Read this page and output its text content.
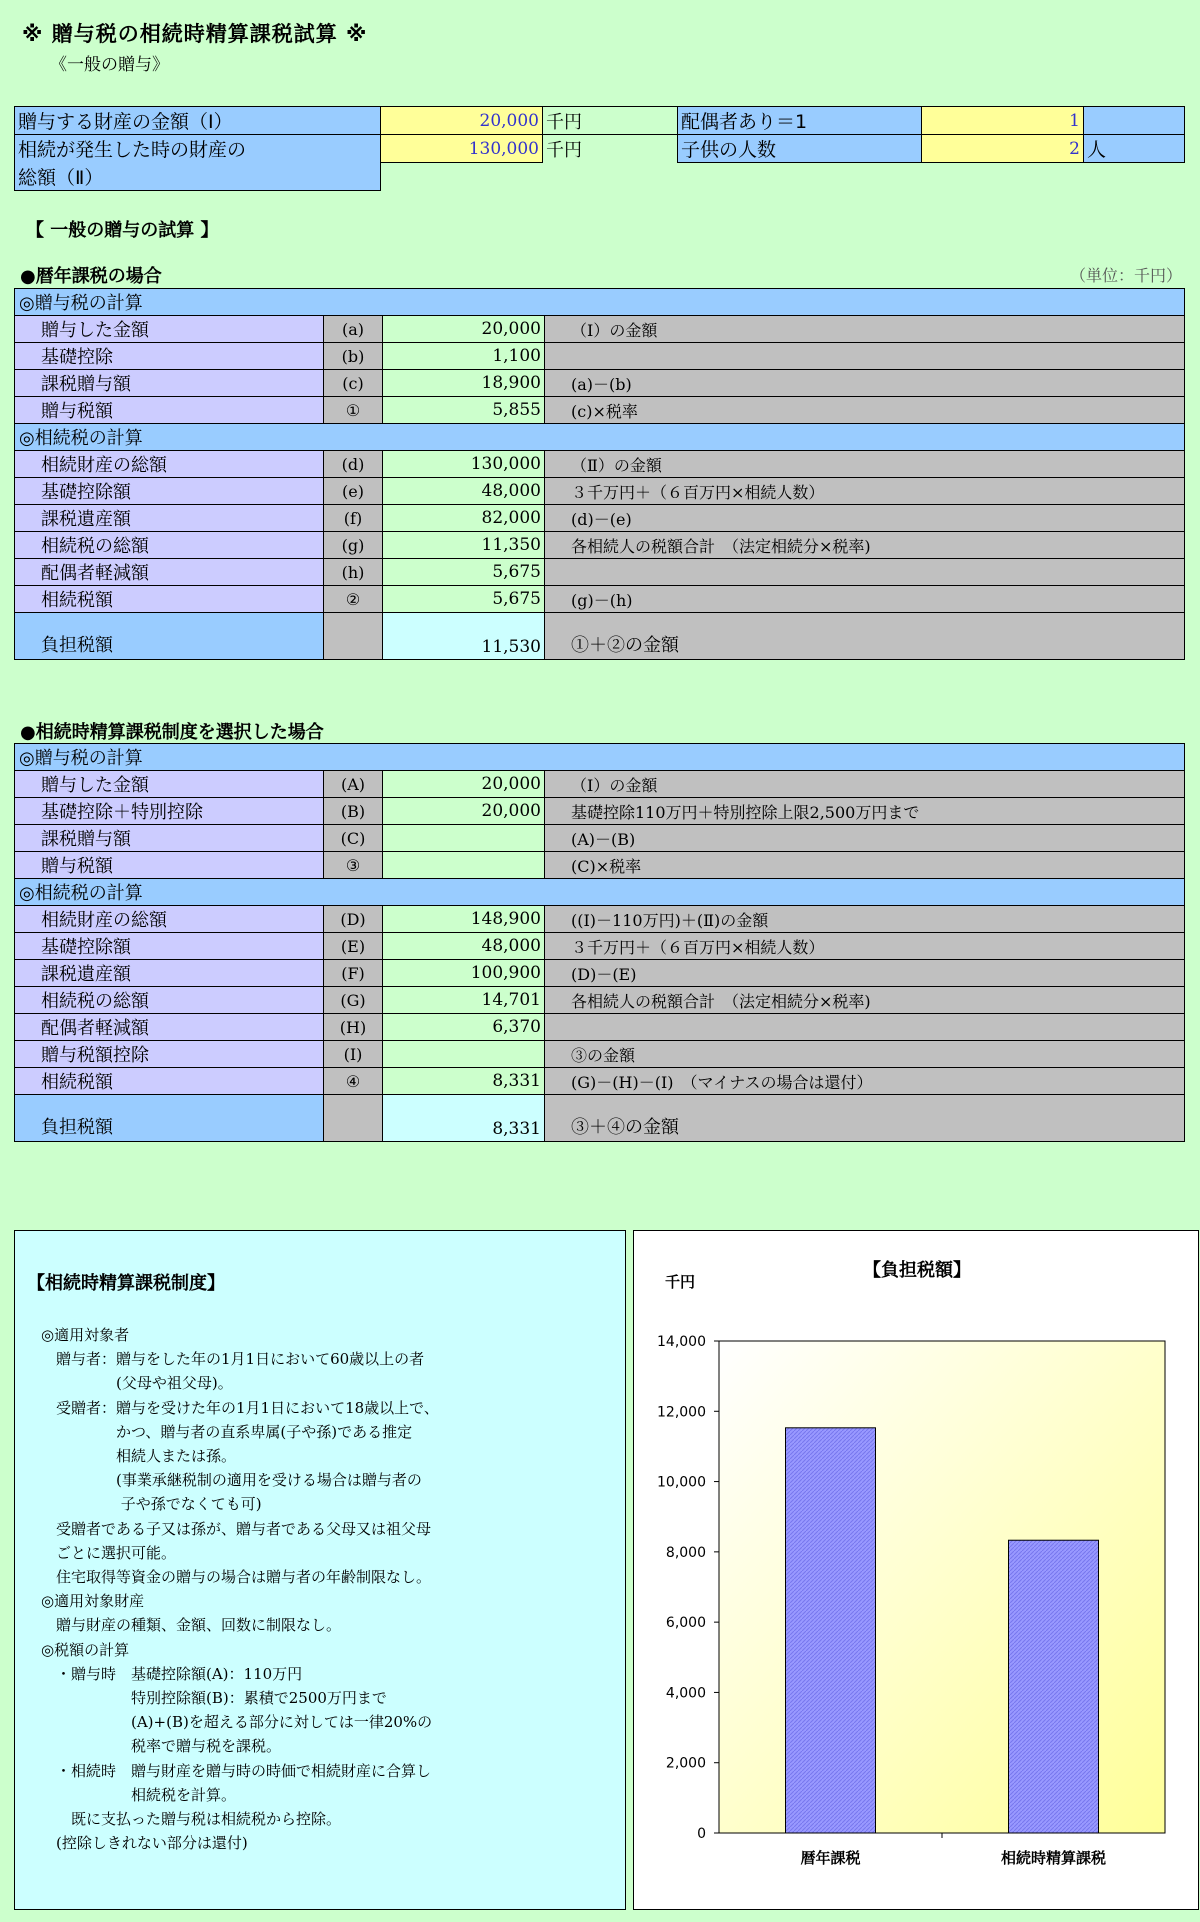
※ 贈与税の相続時精算課税試算 ※
《一般の贈与》
贈与する財産の金額（Ⅰ）	20,000	千円	配偶者あり＝1	1	
相続が発生した時の財産の	130,000	千円	子供の人数	2	人
総額（Ⅱ）					
【 一般の贈与の試算 】
●暦年課税の場合	（単位：千円）
◎贈与税の計算			
贈与した金額	(a)	20,000	（Ⅰ）の金額
基礎控除	(b)	1,100	
課税贈与額	(c)	18,900	(a)－(b)
贈与税額	①	5,855	(c)×税率
◎相続税の計算			
相続財産の総額	(d)	130,000	（Ⅱ）の金額
基礎控除額	(e)	48,000	３千万円＋（６百万円×相続人数）
課税遺産額	(f)	82,000	(d)－(e)
相続税の総額	(g)	11,350	各相続人の税額合計　（法定相続分×税率)
配偶者軽減額	(h)	5,675	
相続税額	②	5,675	(g)－(h)
負担税額		11,530	①＋②の金額
●相続時精算課税制度を選択した場合
◎贈与税の計算			
贈与した金額	(A)	20,000	（Ⅰ）の金額
基礎控除＋特別控除	(B)	20,000	基礎控除110万円＋特別控除上限2,500万円まで
課税贈与額	(C)		(A)－(B)
贈与税額	③		(C)×税率
◎相続税の計算			
相続財産の総額	(D)	148,900	((Ⅰ)－110万円)＋(Ⅱ)の金額
基礎控除額	(E)	48,000	３千万円＋（６百万円×相続人数）
課税遺産額	(F)	100,900	(D)－(E)
相続税の総額	(G)	14,701	各相続人の税額合計　（法定相続分×税率)
配偶者軽減額	(H)	6,370	
贈与税額控除	(I)		③の金額
相続税額	④	8,331	(G)－(H)－(I)　（マイナスの場合は還付）
負担税額		8,331	③＋④の金額
【相続時精算課税制度】
◎適用対象者
　贈与者：贈与をした年の1月1日において60歳以上の者
　　　　　(父母や祖父母)。
　受贈者：贈与を受けた年の1月1日において18歳以上で、
　　　　　かつ、贈与者の直系卑属(子や孫)である推定
　　　　　相続人または孫。
　　　　　(事業承継税制の適用を受ける場合は贈与者の
　　　　　 子や孫でなくても可)
　受贈者である子又は孫が、贈与者である父母又は祖父母
　ごとに選択可能。
　住宅取得等資金の贈与の場合は贈与者の年齢制限なし。
◎適用対象財産
　贈与財産の種類、金額、回数に制限なし。
◎税額の計算
　・贈与時　基礎控除額(A)：110万円
　　　　　　特別控除額(B)：累積で2500万円まで
　　　　　　(A)+(B)を超える部分に対しては一律20%の
　　　　　　税率で贈与税を課税。
　・相続時　贈与財産を贈与時の時価で相続財産に合算し
　　　　　　相続税を計算。
　　既に支払った贈与税は相続税から控除。
　(控除しきれない部分は還付)
【負担税額】
千円
0
2,000
4,000
6,000
8,000
10,000
12,000
14,000
暦年課税	相続時精算課税
